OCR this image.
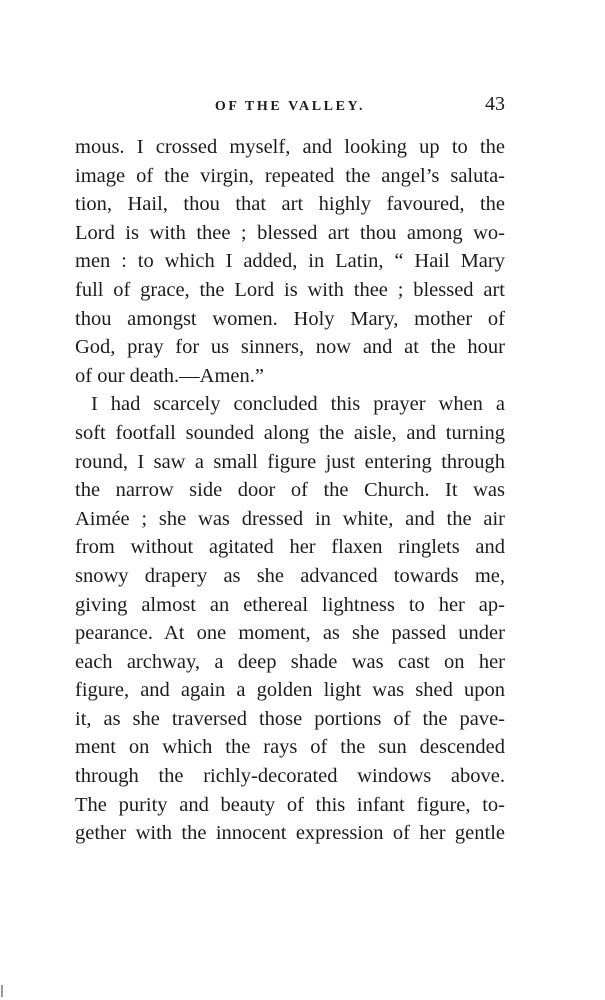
OF THE VALLEY.	43
mous. I crossed myself, and looking up to the
image of the virgin, repeated the angel’s saluta-
tion, Hail, thou that art highly favoured, the
Lord is with thee ; blessed art thou among wo-
men : to which I added, in Latin, “ Hail Mary
full of grace, the Lord is with thee ; blessed art
thou amongst women. Holy Mary, mother of
God, pray for us sinners, now and at the hour
of our death.—Amen.”
I had scarcely concluded this prayer when a
soft footfall sounded along the aisle, and turning
round, I saw a small figure just entering through
the narrow side door of the Church. It was
Aimée ; she was dressed in white, and the air
from without agitated her flaxen ringlets and
snowy drapery as she advanced towards me,
giving almost an ethereal lightness to her ap-
pearance. At one moment, as she passed under
each archway, a deep shade was cast on her
figure, and again a golden light was shed upon
it, as she traversed those portions of the pave-
ment on which the rays of the sun descended
through the richly-decorated windows above.
The purity and beauty of this infant figure, to-
gether with the innocent expression of her gentle
